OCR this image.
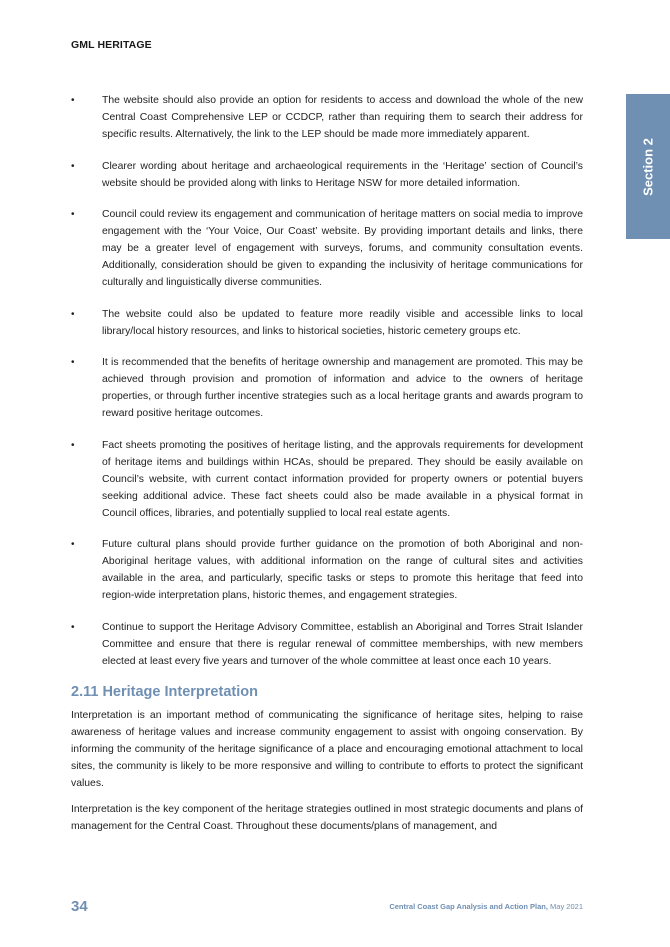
GML HERITAGE
Section 2
•	The website should also provide an option for residents to access and download the whole of the new Central Coast Comprehensive LEP or CCDCP, rather than requiring them to search their address for specific results. Alternatively, the link to the LEP should be made more immediately apparent.
•	Clearer wording about heritage and archaeological requirements in the ‘Heritage’ section of Council’s website should be provided along with links to Heritage NSW for more detailed information.
•	Council could review its engagement and communication of heritage matters on social media to improve engagement with the ‘Your Voice, Our Coast’ website. By providing important details and links, there may be a greater level of engagement with surveys, forums, and community consultation events. Additionally, consideration should be given to expanding the inclusivity of heritage communications for culturally and linguistically diverse communities.
•	The website could also be updated to feature more readily visible and accessible links to local library/local history resources, and links to historical societies, historic cemetery groups etc.
•	It is recommended that the benefits of heritage ownership and management are promoted. This may be achieved through provision and promotion of information and advice to the owners of heritage properties, or through further incentive strategies such as a local heritage grants and awards program to reward positive heritage outcomes.
•	Fact sheets promoting the positives of heritage listing, and the approvals requirements for development of heritage items and buildings within HCAs, should be prepared. They should be easily available on Council’s website, with current contact information provided for property owners or potential buyers seeking additional advice. These fact sheets could also be made available in a physical format in Council offices, libraries, and potentially supplied to local real estate agents.
•	Future cultural plans should provide further guidance on the promotion of both Aboriginal and non-Aboriginal heritage values, with additional information on the range of cultural sites and activities available in the area, and particularly, specific tasks or steps to promote this heritage that feed into region-wide interpretation plans, historic themes, and engagement strategies.
•	Continue to support the Heritage Advisory Committee, establish an Aboriginal and Torres Strait Islander Committee and ensure that there is regular renewal of committee memberships, with new members elected at least every five years and turnover of the whole committee at least once each 10 years.
2.11 Heritage Interpretation

Interpretation is an important method of communicating the significance of heritage sites, helping to raise awareness of heritage values and increase community engagement to assist with ongoing conservation. By informing the community of the heritage significance of a place and encouraging emotional attachment to local sites, the community is likely to be more responsive and willing to contribute to efforts to protect the significant values.

Interpretation is the key component of the heritage strategies outlined in most strategic documents and plans of management for the Central Coast. Throughout these documents/plans of management, and

34	Central Coast Gap Analysis and Action Plan, May 2021
